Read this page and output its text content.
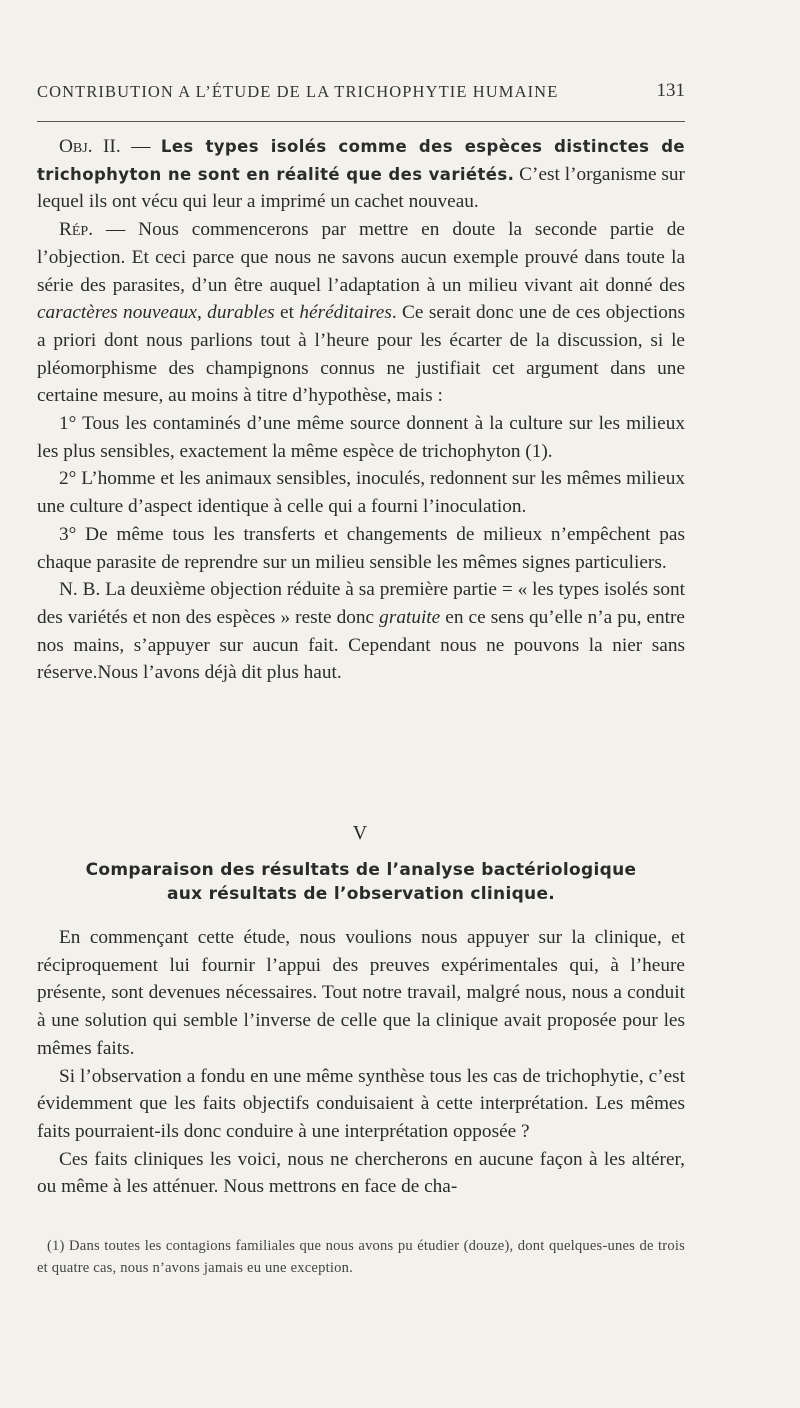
CONTRIBUTION A L’ÉTUDE DE LA TRICHOPHYTIE HUMAINE	131

Obj. II. — Les types isolés comme des espèces distinctes de trichophyton ne sont en réalité que des variétés. C’est l’organisme sur lequel ils ont vécu qui leur a imprimé un cachet nouveau.

Rép. — Nous commencerons par mettre en doute la seconde partie de l’objection. Et ceci parce que nous ne savons aucun exemple prouvé dans toute la série des parasites, d’un être auquel l’adaptation à un milieu vivant ait donné des caractères nouveaux, durables et héréditaires. Ce serait donc une de ces objections a priori dont nous parlions tout à l’heure pour les écarter de la discussion, si le pléomorphisme des champignons connus ne justifiait cet argument dans une certaine mesure, au moins à titre d’hypothèse, mais :

1° Tous les contaminés d’une même source donnent à la culture sur les milieux les plus sensibles, exactement la même espèce de trichophyton (1).

2° L’homme et les animaux sensibles, inoculés, redonnent sur les mêmes milieux une culture d’aspect identique à celle qui a fourni l’inoculation.

3° De même tous les transferts et changements de milieux n’empêchent pas chaque parasite de reprendre sur un milieu sensible les mêmes signes particuliers.

N. B. La deuxième objection réduite à sa première partie = « les types isolés sont des variétés et non des espèces » reste donc gratuite en ce sens qu’elle n’a pu, entre nos mains, s’appuyer sur aucun fait. Cependant nous ne pouvons la nier sans réserve.Nous l’avons déjà dit plus haut.

V
Comparaison des résultats de l’analyse bactériologique
aux résultats de l’observation clinique.

En commençant cette étude, nous voulions nous appuyer sur la clinique, et réciproquement lui fournir l’appui des preuves expérimentales qui, à l’heure présente, sont devenues nécessaires. Tout notre travail, malgré nous, nous a conduit à une solution qui semble l’inverse de celle que la clinique avait proposée pour les mêmes faits.

Si l’observation a fondu en une même synthèse tous les cas de trichophytie, c’est évidemment que les faits objectifs conduisaient à cette interprétation. Les mêmes faits pourraient-ils donc conduire à une interprétation opposée ?

Ces faits cliniques les voici, nous ne chercherons en aucune façon à les altérer, ou même à les atténuer. Nous mettrons en face de cha-

(1) Dans toutes les contagions familiales que nous avons pu étudier (douze), dont quelques-unes de trois et quatre cas, nous n’avons jamais eu une exception.
